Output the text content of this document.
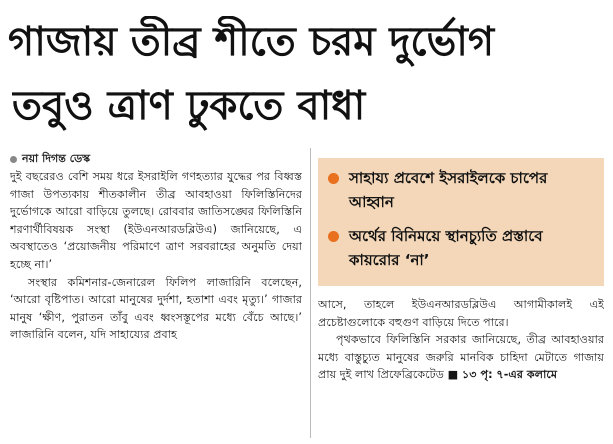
গাজায় তীব্র শীতে চরম দুর্ভোগ
তবুও ত্রাণ ঢুকতে বাধা
নয়া দিগন্ত ডেস্ক

দুই বছরেরও বেশি সময় ধরে ইসরাইলি গণহত্যার যুদ্ধের পর বিধ্বস্ত গাজা উপত্যকায় শীতকালীন তীব্র আবহাওয়া ফিলিস্তিনিদের দুর্ভোগকে আরো বাড়িয়ে তুলছে। রোববার জাতিসঙ্ঘের ফিলিস্তিনি শরণার্থীবিষয়ক সংস্থা (ইউএনআরডব্লিউএ) জানিয়েছে, এ অবস্থাতেও ‘প্রয়োজনীয় পরিমাণে ত্রাণ সরবরাহের অনুমতি দেয়া হচ্ছে না।’

সংস্থার কমিশনার-জেনারেল ফিলিপ লাজারিনি বলেছেন, ‘আরো বৃষ্টিপাত। আরো মানুষের দুর্দশা, হতাশা এবং মৃত্যু।’ গাজার মানুষ ‘ক্ষীণ, পুরাতন তাঁবু এবং ধ্বংসস্তূপের মধ্যে বেঁচে আছে।’ লাজারিনি বলেন, যদি সাহায্যের প্রবাহ

সাহায্য প্রবেশে ইসরাইলকে চাপের আহ্বান
অর্থের বিনিময়ে স্থানচ্যুতি প্রস্তাবে কায়রোর ‘না’

আসে, তাহলে ইউএনআরডব্লিউএ আগামীকালই এই প্রচেষ্টাগুলোকে বহুগুণ বাড়িয়ে দিতে পারে।

পৃথকভাবে ফিলিস্তিনি সরকার জানিয়েছে, তীব্র আবহাওয়ার মধ্যে বাস্তুচ্যুত মানুষের জরুরি মানবিক চাহিদা মেটাতে গাজায় প্রায় দুই লাখ প্রিফেব্রিকেটেড ■ ১৩ পৃ: ৭-এর কলামে
